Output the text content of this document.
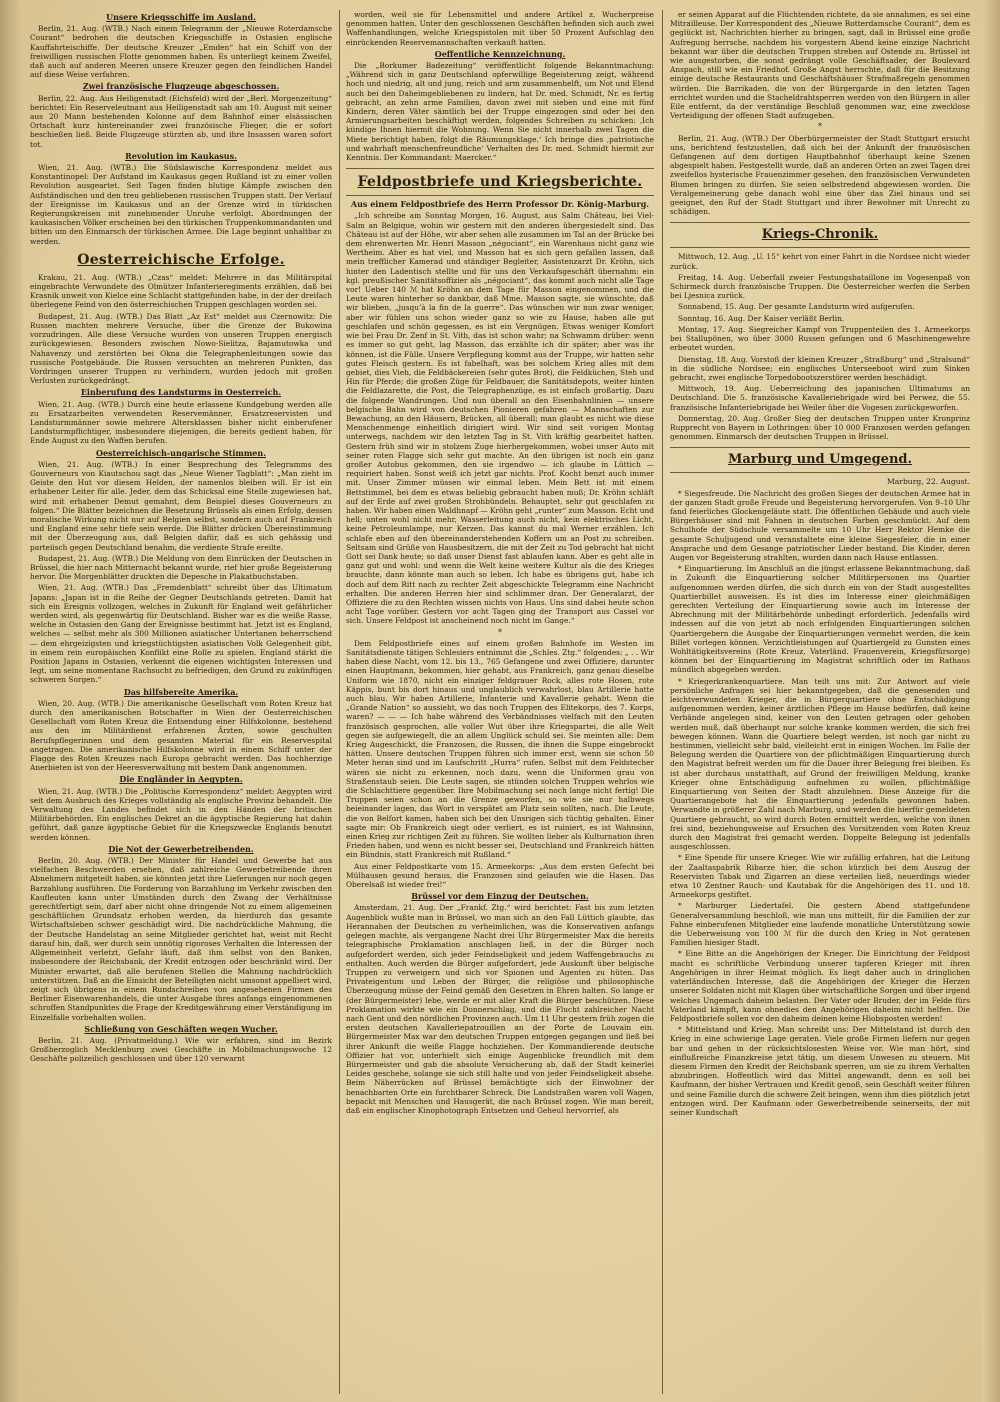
Unsere Kriegsschiffe im Ausland.

Berlin, 21. Aug. (WTB.) Nach einem Telegramm der „Nieuwe Roterdamsche Courant“ bedrohen die deutschen Kriegsschiffe in Ostasien englische Kauffahrteischiffe. Der deutsche Kreuzer „Emden“ hat ein Schiff von der freiwilligen russischen Flotte genommen haben. Es unterliegt keinem Zweifel, daß auch auf anderen Meeren unsere Kreuzer gegen den feindlichen Handel auf diese Weise verfahren.

Zwei französische Flugzeuge abgeschossen.

Berlin, 22. Aug. Aus Heiligenstadt (Eichsfeld) wird der „Berl. Morgenzeitung“ berichtet: Ein Reserveleutnant aus Heiligenstadt sah am 10. August mit seiner aus 20 Mann bestehenden Kolonne auf dem Bahnhof einer elsässischen Ortschaft kurz hintereinander zwei französische Flieger, die er sofort beschießen ließ. Beide Flugzeuge stürzten ab, und ihre Insassen waren sofort tot.

Revolution im Kaukasus.

Wien, 21. Aug. (WTB.) Die Südslawische Korrespondenz meldet aus Konstantinopel: Der Aufstand im Kaukasus gegen Rußland ist zu einer vollen Revolution ausgeartet. Seit Tagen finden blutige Kämpfe zwischen den Aufständischen und den treu gebliebenen russischen Truppen statt. Der Verlauf der Ereignisse im Kaukasus und an der Grenze wird in türkischen Regierungskreisen mit zunehmender Unruhe verfolgt. Abordnungen der kaukasischen Völker erscheinen bei den türkischen Truppenkommandanten und bitten um den Einmarsch der türkischen Armee. Die Lage beginnt unhaltbar zu werden.

Oesterreichische Erfolge.

Krakau, 21. Aug. (WTB.) „Czas“ meldet: Mehrere in das Militärspital eingebrachte Verwundete des Olmützer Infanterieregiments erzählen, daß bei Krasnik unweit von Kielce eine Schlacht stattgefunden habe, in der der dreifach überlegene Feind von den österreichischen Truppen geschlagen worden sei.

Budapest, 21. Aug. (WTB.) Das Blatt „Az Est“ meldet aus Czernowitz: Die Russen machten mehrere Versuche, über die Grenze der Bukowina vorzudringen. Alle diese Versuche wurden von unseren Truppen energisch zurückgewiesen. Besonders zwischen Nowo-Sielitza, Bajamutowka und Nahavenzy und zerstörten bei Okna die Telegraphenleitungen sowie das russische Postgebäude. Die Russen versuchten an mehreren Punkten, das Vordringen unserer Truppen zu verhindern, wurden jedoch mit großen Verlusten zurückgedrängt.

Einberufung des Landsturms in Oesterreich.

Wien, 21. Aug. (WTB.) Durch eine heute erlassene Kundgebung werden alle zu Ersatzarbeiten verwendeten Reservemänner, Ersatzreservisten und Landsturmmänner sowie mehrere Altersklassen bisher nicht einberufener Landsturmpflichtiger, insbesondere diejenigen, die bereits gedient haben, für Ende August zu den Waffen berufen.

Oesterreichisch-ungarische Stimmen.

Wien, 21. Aug. (WTB.) In einer Besprechung des Telegramms des Gouverneurs von Kiautschou sagt das „Neue Wiener Tagblatt“: „Man zieht im Geiste den Hut vor diesem Helden, der namenlos bleiben will. Er ist ein erhabener Leiter für alle. Jeder, dem das Schicksal eine Stelle zugewiesen hat, wird mit erhabener Demut gemahnt, dem Beispiel dieses Gouverneurs zu folgen.“ Die Blätter bezeichnen die Besetzung Brüssels als einen Erfolg, dessen moralische Wirkung nicht nur auf Belgien selbst, sondern auch auf Frankreich und England eine sehr tiefe sein werde. Die Blätter drücken Übereinstimmung mit der Überzeugung aus, daß Belgien dafür, daß es sich gehässig und parteiisch gegen Deutschland benahm, die verdiente Strafe ereilte.

Budapest, 21. Aug. (WTB.) Die Meldung von dem Einrücken der Deutschen in Brüssel, die hier nach Mitternacht bekannt wurde, rief hier große Begeisterung hervor. Die Morgenblätter druckten die Depesche in Plakatbuchstaben.

Wien, 21. Aug. (WTB.) Das „Fremdenblatt“ schreibt über das Ultimatum Japans: „Japan ist in die Reihe der Gegner Deutschlands getreten. Damit hat sich ein Ereignis vollzogen, welches in Zukunft für England weit gefährlicher werden wird, als gegenwärtig für Deutschland. Bisher war es die weiße Rasse, welche in Ostasien den Gang der Ereignisse bestimmt hat. Jetzt ist es England, welches — selbst mehr als 300 Millionen asiatischer Untertanen beherrschend — dem ehrgeizigsten und kriegstüchtigsten asiatischen Volk Gelegenheit gibt, in einem rein europäischen Konflikt eine Rolle zu spielen. England stärkt die Position Japans in Ostasien, verkennt die eigenen wichtigsten Interessen und legt, um seine momentane Rachsucht zu befriedigen, den Grund zu zukünftigen schweren Sorgen.“

Das hilfsbereite Amerika.

Wien, 20. Aug. (WTB.) Die amerikanische Gesellschaft vom Roten Kreuz hat durch den amerikanischen Botschafter in Wien der Oesterreichischen Gesellschaft vom Roten Kreuz die Entsendung einer Hilfskolonne, bestehend aus den im Militärdienst erfahrenen Ärzten, sowie geschulten Berufspflegerinnen und dem gesamten Material für ein Reservespital angetragen. Die amerikanische Hilfskolonne wird in einem Schiff unter der Flagge des Roten Kreuzes nach Europa gebracht werden. Das hochherzige Anerbieten ist von der Heeresverwaltung mit bestem Dank angenommen.

Die Engländer in Aegypten.

Wien, 21. Aug. (WTB.) Die „Politische Korrespondenz“ meldet: Aegypten wird seit dem Ausbruch des Krieges vollständig als englische Provinz behandelt. Die Verwaltung des Landes befindet sich in den Händen der britischen Militärbehörden. Ein englisches Dekret an die ägyptische Regierung hat dahin geführt, daß ganze ägyptische Gebiet für die Kriegszwecke Englands benutzt werden können.

Die Not der Gewerbetreibenden.

Berlin, 20. Aug. (WTB.) Der Minister für Handel und Gewerbe hat aus vielfachen Beschwerden ersehen, daß zahlreiche Gewerbetreibende ihren Abnehmern mitgeteilt haben, sie könnten jetzt ihre Lieferungen nur noch gegen Barzahlung ausführen. Die Forderung von Barzahlung im Verkehr zwischen den Kaufleuten kann unter Umständen durch den Zwang der Verhältnisse gerechtfertigt sein, darf aber nicht ohne dringende Not zu einem allgemeinen geschäftlichen Grundsatz erhoben werden, da hierdurch das gesamte Wirtschaftsleben schwer geschädigt wird. Die nachdrückliche Mahnung, die der Deutsche Handelstag an seine Mitglieder gerichtet hat, weist mit Recht darauf hin, daß, wer durch sein unnötig rigoroses Verhalten die Interessen der Allgemeinheit verletzt, Gefahr läuft, daß ihm selbst von den Banken, insbesondere der Reichsbank, der Kredit entzogen oder beschränkt wird. Der Minister erwartet, daß alle berufenen Stellen die Mahnung nachdrücklich unterstützen. Daß an die Einsicht der Beteiligten nicht umsonst appelliert wird, zeigt sich übrigens in einem Rundschreiben von angesehenen Firmen des Berliner Eisenwarenhandels, die unter Ausgabe ihres anfangs eingenommenen schroffen Standpunktes die Frage der Kreditgewährung einer Verständigung im Einzelfalle vorbehalten wollen.

Schließung von Geschäften wegen Wucher.

Berlin, 21. Aug. (Privatmeldung.) Wie wir erfahren, sind im Bezirk Großherzoglich Mecklenburg zwei Geschäfte in Mobilmachungswoche 12 Geschäfte polizeilich geschlossen und über 120 verwarnt

worden, weil sie für Lebensmittel und andere Artikel z. Wucherpreise genommen hatten. Unter den geschlossenen Geschäften befinden sich auch zwei Waffenhandlungen, welche Kriegspistolen mit über 50 Prozent Aufschlag den einrückenden Reservemannschaften verkauft hatten.

Oeffentliche Kennzeichnung.

Die „Borkumer Badezeitung“ veröffentlicht folgende Bekanntmachung: „Während sich in ganz Deutschland opferwillige Begeisterung zeigt, während hoch und niedrig, alt und jung, reich und arm zusammenhelft, um Not und Elend auch bei den Daheimgebliebenen zu lindern, hat Dr. med. Schmidt, Nr. es fertig gebracht, an zehn arme Familien, davon zwei mit sieben und eine mit fünf Kindern, deren Väter sämtlich bei der Truppe eingezogen sind oder bei den Armierungsarbeiten beschäftigt werden, folgendes Schreiben zu schicken: ‚Ich kündige Ihnen hiermit die Wohnung. Wenn Sie nicht innerhalb zwei Tagen die Miete berichtigt haben, folgt die Räumungsklage.‘ Ich bringe dies ‚patriotische und wahrhaft menschenfreundliche‘ Verhalten des Dr. med. Schmidt hiermit zur Kenntnis. Der Kommandant: Maercker.“

Feldpostbriefe und Kriegsberichte.
Aus einem Feldpostbriefe des Herrn Professor Dr. König-Marburg.

„Ich schreibe am Sonntag Morgen, 16. August, aus Salm Château, bei Viel-Salm an Belgique, wohin wir gestern mit den anderen übergesiedelt sind. Das Château ist auf der Höhe, wir aber sehen alle zusammen im Tal an der Brücke bei dem ehrenwerten Mr. Henri Masson „négociant“, ein Warenhaus nicht ganz wie Wertheim. Aber es hat viel, und Masson hat es sich gern gefallen lassen, daß mein trefflicher Kamerad und ständiger Begleiter, Assistenzarzt Dr. Kröhn, sich hinter den Ladentisch stellte und für uns den Verkaufsgeschäft übernahm: ein kgl. preußischer Sanitätsoffizier als „négociant“, das kommt auch nicht alle Tage vor! Ueber 140 ℳ hat Kröhn an dem Tage für Masson eingenommen, und die Leute waren hinterher so dankbar, daß Mme. Masson sagte, sie wünschte, daß wir blieben, „jusqu’à la fin de la guerre“. Das wünschen wir nun zwar weniger, aber wir fühlen uns schon wieder ganz so wie zu Hause, haben alle gut geschlafen und schön gegessen, es ist ein Vergnügen. Etwas weniger Komfort wie bei Frau Dr. Zenf in St. Vith, das ist schon wahr; na Schwamm drüber: wenn es immer so gut geht, lag Masson, das erzählte ich dir später; aber was ihr können, ist die Fülle. Unsere Verpflegung kommt aus der Truppe, wir hatten sehr gutes Fleisch gestern. Es ist fabelhaft, was bei solchem Krieg alles mit dem gebiet, dies Vieh, die Feldbäckereien (sehr gutes Brot), die Feldküchen, Steh und Hin für Pferde; die großen Züge für Feldbauer, die Sanitätsdepots, weiter hinten die Feldlazarette, die Post, die Telegraphenzüge, es ist einfach großartig. Dazu die folgende Wandrungen. Und nun überall an den Eisenbahnlinien — unsere belgische Bahn wird von deutschen Pionieren gefahren — Mannschaften zur Bewachung, an den Häusern, Brücken, all überall; man glaubt es nicht wie diese Menschenmenge einheitlich dirigiert wird. Wir sind seit vorigen Montag unterwegs, nachdem wir den letzten Tag in St. Vith kräftig gearbeitet hatten. Gestern früh sind wir in stolzem Zuge hierhergekommen, wobei unser Auto mit seiner roten Flagge sich sehr gut machte. An den übrigen ist noch ein ganz großer Autobus gekommen, den sie irgendwo — ich glaube in Lüttich — requiriert haben. Sonst weiß ich jetzt gar nichts. Prof. Kocht benzt auch immer mit. Unser Zimmer müssen wir einmal leben. Mein Bett ist mit einem Bettstimmel, bei dem es etwas beliebig gebraucht haben muß; Dr. Kröhn schläft auf der Erde auf zwei großen Strohbündeln. Behauptet, sehr gut geschlafen zu haben. Wir haben einen Waldhnapf — Kröhn geht „runter“ zum Masson. Echt und hell; unten wohl nicht mehr, Wasserleitung auch nicht, kein elektrisches Licht, keine Petroleumlampe, nur Kerzen. Das kannst du mal Werner erzählen. Ich schlafe eben auf den übereinanderstehenden Koffern um an Post zu schreiben. Seltsam sind Grüße von Hausbesitzern, die mit der Zeit zu Tod gebracht hat nicht Gott sei Dank heute; so daß unser Dienst fast ablaufen kann. Aber es geht alle in ganz gut und wohl: und wenn die Welt keine weitere Kultur als die des Krieges brauchte, dann könnte man auch so leben. Ich habe es übrigens gut, habe ich doch auf dem Ritt nach zu rechter Zeit abgeschickte Telegramm eine Nachricht erhalten. Die anderen Herren hier sind schlimmer dran. Der Generalarzt, der Offiziere die zu den Rechten wissen nichts von Haus. Uns sind dabei heute schon acht Tage vorüber. Gestern vor acht Tagen ging der Transport aus Cassel vor sich. Unsere Feldpost ist anscheinend noch nicht im Gange.“

*

Dem Feldpostbriefe eines auf einem großen Bahnhofe im Westen im Sanitätsdienste tätigen Schlesiers entnimmt die „Schles. Ztg.“ folgendes: „ . . Wir haben diese Nacht, vom 12. bis 13., 765 Gefangene und zwei Offiziere, darunter einen Hauptmann, bekommen, hier gehabt, aus Frankreich, ganz genau dieselbe Uniform wie 1870, nicht ein einziger feldgrauer Rock, alles rote Hosen, rote Käppis, bunt bis dort hinaus und unglaublich verwahrlost, blau Artillerie hatte auch blau. Wir haben Artillerie, Infanterie und Kavallerie gehabt. Wenn die „Grande Nation“ so aussieht, wo das noch Truppen des Elitekorps, des 7. Korps, waren? — — — Ich habe während des Verbändnisses vielfach mit den Leuten französisch gesprochen, alle voller Wut über ihre Kriegspartei, die alle Welt gegen sie aufgewiegelt, die an allem Unglück schuld sei. Sie meinten alle: Dem Krieg Augeschickt, die Franzosen, die Russen, die ihnen die Suppe eingebrockt hätten. Unsere deutschen Truppen führen sich immer erst, wenn sie schon 50 Meter heran sind und im Laufschritt „Hurra“ rufen. Selbst mit dem Feldstecher wären sie nicht zu erkennen, noch dazu, wenn die Uniformen grau von Straßenstaub seien. Die Leute sagen, sie stünden solchen Truppen wehrlos wie die Schlachttiere gegenüber. Ihre Mobilmachung sei noch lange nicht fertig! Die Truppen seien schon an die Grenze geworfen, so wie sie nur halbwegs beieinander lagen, das Wort in verspätet am Platz sein sollten, nach. Die Leute, die von Belfort kamen, haben sich bei den Unsrigen sich tüchtig gehalten. Einer sagte mir: Ob Frankreich siegt oder verliert, es ist ruiniert, es ist Wahnsinn, einen Krieg zur richtigen Zeit zu führen. Sie wollten lieber als Kulturnation ihren Frieden haben, und wenn es nicht besser sei, Deutschland und Frankreich hätten ein Bündnis, statt Frankreich mit Rußland.“

Aus einer Feldpostkarte vom 15. Armeekorps: „Aus dem ersten Gefecht bei Mülhausen gesund heraus, die Franzosen sind gelaufen wie die Hasen. Das Oberelsaß ist wieder frei!“

Brüssel vor dem Einzug der Deutschen.

Amsterdam, 21. Aug. Der „Frankf. Ztg.“ wird berichtet: Fast bis zum letzten Augenblick wußte man in Brüssel, wo man sich an den Fall Lüttich glaubte, das Herannahen der Deutschen zu verheimlichen, was die Konservativen anfangs gelegen machte, als vergangene Nacht drei Uhr Bürgermeister Max die bereits telegraphische Proklamation anschlagen ließ, in der die Bürger noch aufgefordert werden, sich jeder Feindseligkeit und jedem Waffengebrauchs zu enthalten. Auch werden die Bürger aufgefordert, jede Auskunft über belgische Truppen zu verweigern und sich vor Spionen und Agenten zu hüten. Das Privateigentum und Leben der Bürger, die religiöse und philosophische Überzeugung müsse der Feind gemäß den Gesetzen in Ehren halten. So lange er (der Bürgermeister) lebe, werde er mit aller Kraft die Bürger beschützen. Diese Proklamation wirkte wie ein Donnerschlag, und die Flucht zahlreicher Nacht nach Gent und den nördlichen Provinzen auch. Um 11 Uhr gestern früh zogen die ersten deutschen Kavalleriepatrouillen an der Porte de Louvain ein. Bürgermeister Max war den deutschen Truppen entgegen gegangen und ließ bei ihrer Ankunft die weiße Flagge hochziehen. Der Kommandierende deutsche Offizier hat vor, unterhielt sich einige Augenblicke freundlich mit dem Bürgermeister und gab die absolute Versicherung ab, daß der Stadt keinerlei Leides geschehe, solange sie sich still halte und von jeder Feindseligkeit absehe. Beim Näherrücken auf Brüssel bemächtigte sich der Einwohner der benachbarten Orte ein furchtbarer Schreck. Die Landstraßen waren voll Wagen, bepackt mit Menschen und Hausgerät, die nach Brüssel zogen. Wie man bereit, daß ein englischer Kinophotograph Entsetzen und Geheul hervorrief, als

er seinen Apparat auf die Flüchtenden richtete, da sie annahmen, es sei eine Mitrailleuse. Der Korrespondent des „Nieuwe Rotterdamsche Courant“, dem es geglückt ist, Nachrichten hierher zu bringen, sagt, daß in Brüssel eine große Aufregung herrsche, nachdem bis vorgestern Abend keine einzige Nachricht bekannt war über die deutschen Truppen streben auf Ostende zu. Brüssel ist wie ausgestorben, die sonst gedrängt volle Geschäftsader, der Boulevard Anspach, still wie ein Friedhof. Große Angst herrschte, daß für die Besitzung einige deutsche Restaurants und Geschäftshäuser Strafmaßregeln genommen würden. Die Barrikaden, die von der Bürgergarde in den letzten Tagen errichtet wurden und die Stacheldrahtsperren werden von den Bürgern in aller Eile entfernt, da der verständige Beschluß genommen war, eine zwecklose Verteidigung der offenen Stadt aufzugeben.

*

Berlin, 21. Aug. (WTB.) Der Oberbürgermeister der Stadt Stuttgart ersucht uns, berichtend festzustellen, daß sich bei der Ankunft der französischen Gefangenen auf dem dortigen Hauptbahnhof überhaupt keine Szenen abgespielt haben. Festgestellt wurde, daß an anderen Orten an zwei Tagen drei zweifellos hysterische Frauenzimmer gesehen, den französischen Verwundeten Blumen bringen zu dürfen. Sie seien selbstredend abgewiesen worden. Die Veralgemeinerung gebe danach wohl eine über das Ziel hinaus und sei geeignet, den Ruf der Stadt Stuttgart und ihrer Bewohner mit Unrecht zu schädigen.

Kriegs-Chronik.

Mittwoch, 12. Aug. „U. 15“ kehrt von einer Fahrt in die Nordsee nicht wieder zurück.

Freitag, 14. Aug. Ueberfall zweier Festungsbataillone im Vogesenpaß von Schirmeck durch französische Truppen. Die Oesterreicher werfen die Serben bei Ljesnica zurück.

Sonnabend, 15. Aug. Der gesamte Landsturm wird aufgerufen.

Sonntag, 16. Aug. Der Kaiser verläßt Berlin.

Montag, 17. Aug. Siegreicher Kampf von Truppenteilen des 1. Armeekorps bei Stallupönen, wo über 3000 Russen gefangen und 6 Maschinengewehre erbeutet wurden.

Dienstag, 18. Aug. Vorstoß der kleinen Kreuzer „Straßburg“ und „Stralsund“ in die südliche Nordsee; ein englisches Unterseeboot wird zum Sinken gebracht, zwei englische Torpedobootszerstörer werden beschädigt.

Mittwoch, 19. Aug. Ueberreichung des japanischen Ultimatums an Deutschland. Die 5. französische Kavalleriebrigade wird bei Perwez, die 55. französische Infanteriebrigade bei Weiler über die Vogesen zurückgeworfen.

Donnerstag, 20. Aug. Großer Sieg der deutschen Truppen unter Kronprinz Rupprecht von Bayern in Lothringen: über 10 000 Franzosen werden gefangen genommen. Einmarsch der deutschen Truppen in Brüssel.

Marburg und Umgegend.
Marburg, 22. August.

* Siegesfreude. Die Nachricht des großen Sieges der deutschen Armee hat in der ganzen Stadt große Freude und Begeisterung hervorgerufen. Von 9–10 Uhr fand feierliches Glockengeläute statt. Die öffentlichen Gebäude und auch viele Bürgerhäuser sind mit Fahnen in deutschen Farben geschmückt. Auf dem Schulhofe der Südschule versammelte um 10 Uhr Herr Rektor Hemke die gesamte Schuljugend und veranstaltete eine kleine Siegesfeier, die in einer Ansprache und dem Gesange patriotischer Lieder bestand. Die Kinder, deren Augen vor Begeisterung strahlten, wurden dann nach Hause entlassen.

* Einquartierung. Im Anschluß an die jüngst erlassene Bekanntmachung, daß in Zukunft die Einquartierung solcher Militärpersonen ins Quartier aufgenommen werden dürfen, die sich durch ein von der Stadt ausgestelltes Quartierbillet ausweisen. Es ist dies im Interesse einer gleichmäßigen gerechten Verteilung der Einquartierung sowie auch im Interesse der Abrechnung mit der Militärbehörde unbedingt erforderlich. Jedenfalls wird indessen auf die von jetzt ab noch erfolgenden Einquartierungen solchen Quartiergebern die Ausgabe der Einquartierungen vermehrt werden, die kein Billet vorlegen können. Verzichtleistungen auf Quartiergeld zu Gunsten eines Wohltätigkeitsvereins (Rote Kreuz, Vaterländ. Frauenverein, Kriegsfürsorge) können bei der Einquartierung im Magistrat schriftlich oder im Rathaus mündlich abgegeben werden.

* Kriegerkrankenquartiere. Man teilt uns mit: Zur Antwort auf viele persönliche Anfragen sei hier bekanntgegeben, daß die genesenden und leichtverwundeten Krieger, die in Bürgerquartiere ohne Entschädigung aufgenommen werden, keiner ärztlichen Pflege im Hause bedürfen, daß keine Verbände angelegen sind, keiner von den Leuten getragen oder gehoben werden muß, daß überhaupt nur solche kranke kommen werden, die sich frei bewegen können. Wann die Quartiere belegt werden, ist noch gar nicht zu bestimmen, vielleicht sehr bald, vielleicht erst in einigen Wochen. Im Falle der Belegung werden die Quartiere von der pflichtmäßigen Einquartierung durch den Magistrat befreit werden um für die Dauer ihrer Belegung frei bleiben. Es ist aber durchaus unstatthaft, auf Grund der freiwilligen Meldung, kranke Krieger ohne Entschädigung aufnehmen zu wollen, pflichtmäßige Einquartierung von Seiten der Stadt abzulehnen. Diese Anzeige für die Quartierangebote hat die Einquartierung jedenfalls gewonnen haben. Verwandte in größerer Zahl nach Marburg, und werden die hierfür gemeldeten Quartiere gebraucht, so wird durch Boten ermittelt werden, welche von ihnen frei sind, beziehungsweise auf Ersuchen des Vorsitzenden vom Roten Kreuz durch den Magistrat frei gemacht werden. Doppelte Belegung ist jedenfalls ausgeschlossen.

* Eine Spende für unsere Krieger. Wie wir zufällig erfahren, hat die Leitung der Zaaltaspabrik Ribarze hier, die schon kürzlich bei dem Auszug der Reservisten Tabak und Zigarren an diese verteilen ließ, neuerdings wieder etwa 10 Zentner Rauch- und Kautabak für die Angehörigen des 11. und 18. Armeekorps gestiftet.

* Marburger Liedertafel. Die gestern Abend stattgefundene Generalversammlung beschloß, wie man uns mitteilt, für die Familien der zur Fahne einberufenen Mitglieder eine laufende monatliche Unterstützung sowie die Ueberweisung von 100 ℳ für die durch den Krieg in Not geratenen Familien hiesiger Stadt.

* Eine Bitte an die Angehörigen der Krieger. Die Einrichtung der Feldpost macht es schriftliche Verbindung unserer tapferen Krieger mit ihren Angehörigen in ihrer Heimat möglich. Es liegt daher auch in dringlichen vaterländischen Interesse, daß die Angehörigen der Krieger die Herzen unserer Soldaten nicht mit Klagen über wirtschaftliche Sorgen und über irgend welches Ungemach daheim belasten. Der Vater oder Bruder, der im Felde fürs Vaterland kämpft, kann ohnedies den Angehörigen daheim nicht helfen. Die Feldpostbriefe sollen vor den daheim deinen keine Hiobsposten werden!

* Mittelstand und Krieg. Man schreibt uns: Der Mittelstand ist durch den Krieg in eine schwierige Lage geraten. Viele große Firmen liefern nur gegen bar und gehen in der rücksichtslosesten Weise vor. Wie man hört, sind einflußreiche Finanzkreise jetzt tätig, um diesem Unwesen zu steuern. Mit diesem Firmen den Kredit der Reichsbank sperren, um sie zu ihrem Verhalten abzubringen. Hoffentlich wird das Mittel angewandt, denn es soll bei Kaufmann, der bisher Vertrauen und Kredit genoß, sein Geschäft weiter führen und seine Familie durch die schwere Zeit bringen, wenn ihm dies plötzlich jetzt entzogen wird. Der Kaufmann oder Gewerbetreibende seinerseits, der mit seiner Kundschaft
